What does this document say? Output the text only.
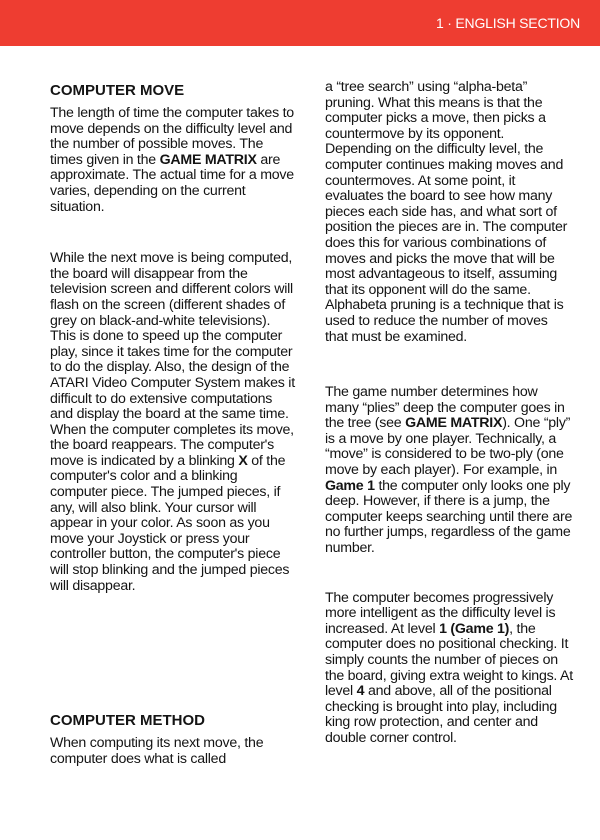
1 · ENGLISH SECTION
COMPUTER MOVE

The length of time the computer takes to move depends on the difficulty level and the number of possible moves. The times given in the GAME MATRIX are approximate. The actual time for a move varies, depending on the current situation.

While the next move is being computed, the board will disappear from the television screen and different colors will flash on the screen (different shades of grey on black-and-white televisions). This is done to speed up the computer play, since it takes time for the computer to do the display. Also, the design of the ATARI Video Computer System makes it difficult to do extensive computations and display the board at the same time. When the computer completes its move, the board reappears. The computer's move is indicated by a blinking X of the computer's color and a blinking computer piece. The jumped pieces, if any, will also blink. Your cursor will appear in your color. As soon as you move your Joystick or press your controller button, the computer's piece will stop blinking and the jumped pieces will disappear.

COMPUTER METHOD

When computing its next move, the computer does what is called

a “tree search” using “alpha-beta” pruning. What this means is that the computer picks a move, then picks a countermove by its opponent. Depending on the difficulty level, the computer continues making moves and countermoves. At some point, it evaluates the board to see how many pieces each side has, and what sort of position the pieces are in. The computer does this for various combinations of moves and picks the move that will be most advantageous to itself, assuming that its opponent will do the same. Alphabeta pruning is a technique that is used to reduce the number of moves that must be examined.

The game number determines how many “plies” deep the computer goes in the tree (see GAME MATRIX). One “ply” is a move by one player. Technically, a “move” is considered to be two-ply (one move by each player). For example, in Game 1 the computer only looks one ply deep. However, if there is a jump, the computer keeps searching until there are no further jumps, regardless of the game number.

The computer becomes progressively more intelligent as the difficulty level is increased. At level 1 (Game 1), the computer does no positional checking. It simply counts the number of pieces on the board, giving extra weight to kings. At level 4 and above, all of the positional checking is brought into play, including king row protection, and center and double corner control.
